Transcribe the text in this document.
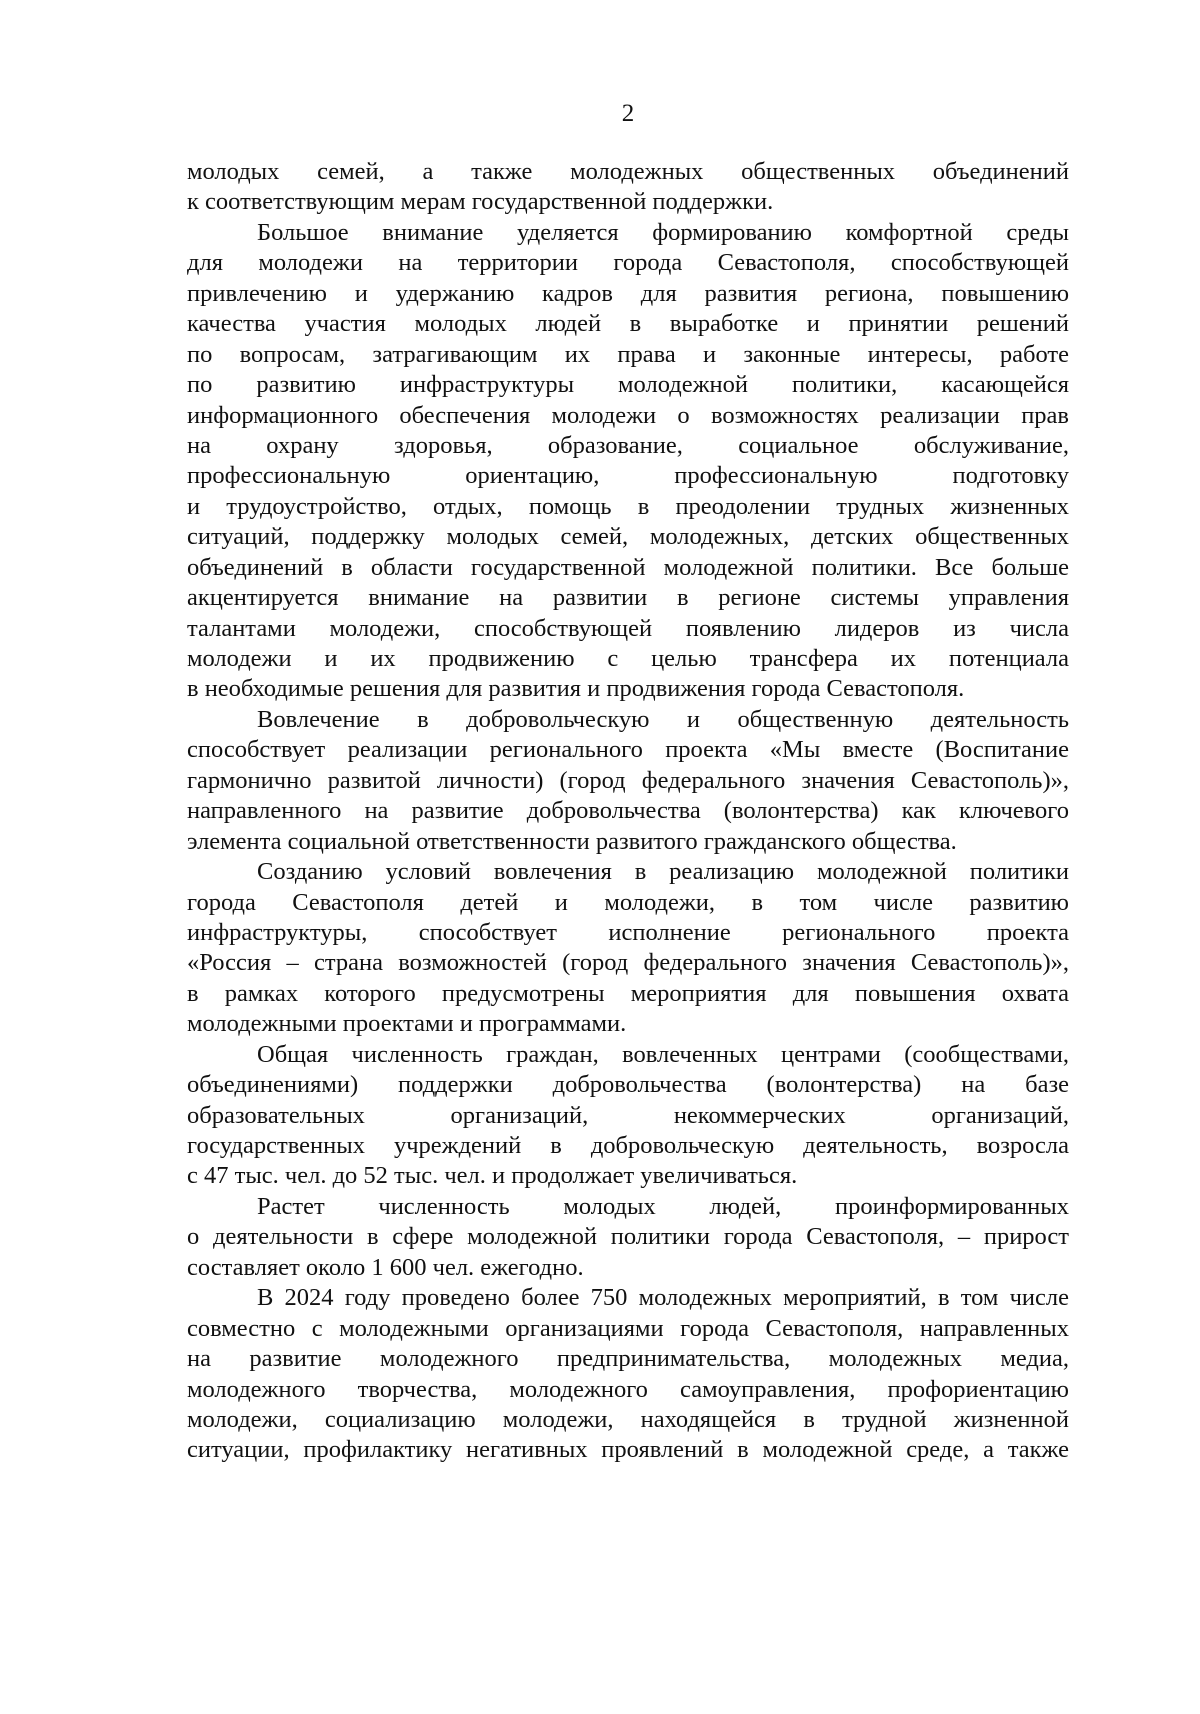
2
молодых семей, а также молодежных общественных объединений
к соответствующим мерам государственной поддержки.
Большое внимание уделяется формированию комфортной среды
для молодежи на территории города Севастополя, способствующей
привлечению и удержанию кадров для развития региона, повышению
качества участия молодых людей в выработке и принятии решений
по вопросам, затрагивающим их права и законные интересы, работе
по развитию инфраструктуры молодежной политики, касающейся
информационного обеспечения молодежи о возможностях реализации прав
на охрану здоровья, образование, социальное обслуживание,
профессиональную ориентацию, профессиональную подготовку
и трудоустройство, отдых, помощь в преодолении трудных жизненных
ситуаций, поддержку молодых семей, молодежных, детских общественных
объединений в области государственной молодежной политики. Все больше
акцентируется внимание на развитии в регионе системы управления
талантами молодежи, способствующей появлению лидеров из числа
молодежи и их продвижению с целью трансфера их потенциала
в необходимые решения для развития и продвижения города Севастополя.
Вовлечение в добровольческую и общественную деятельность
способствует реализации регионального проекта «Мы вместе (Воспитание
гармонично развитой личности) (город федерального значения Севастополь)»,
направленного на развитие добровольчества (волонтерства) как ключевого
элемента социальной ответственности развитого гражданского общества.
Созданию условий вовлечения в реализацию молодежной политики
города Севастополя детей и молодежи, в том числе развитию
инфраструктуры, способствует исполнение регионального проекта
«Россия – страна возможностей (город федерального значения Севастополь)»,
в рамках которого предусмотрены мероприятия для повышения охвата
молодежными проектами и программами.
Общая численность граждан, вовлеченных центрами (сообществами,
объединениями) поддержки добровольчества (волонтерства) на базе
образовательных организаций, некоммерческих организаций,
государственных учреждений в добровольческую деятельность, возросла
с 47 тыс. чел. до 52 тыс. чел. и продолжает увеличиваться.
Растет численность молодых людей, проинформированных
о деятельности в сфере молодежной политики города Севастополя, – прирост
составляет около 1 600 чел. ежегодно.
В 2024 году проведено более 750 молодежных мероприятий, в том числе
совместно с молодежными организациями города Севастополя, направленных
на развитие молодежного предпринимательства, молодежных медиа,
молодежного творчества, молодежного самоуправления, профориентацию
молодежи, социализацию молодежи, находящейся в трудной жизненной
ситуации, профилактику негативных проявлений в молодежной среде, а также
